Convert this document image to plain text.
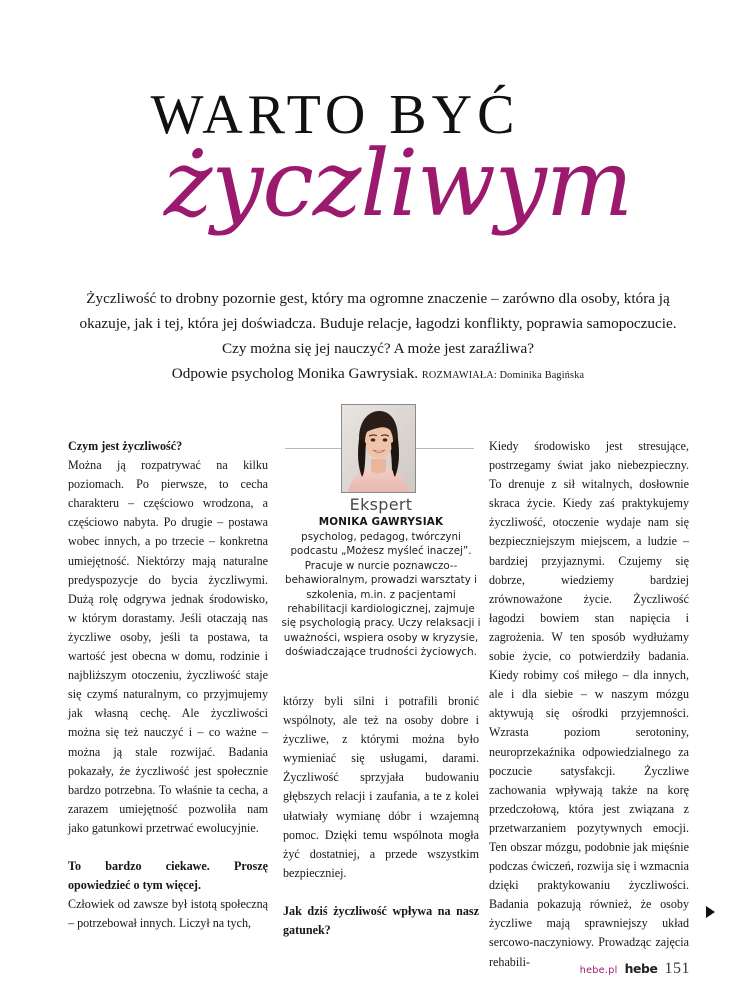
WARTO BYĆ
życzliwym
Życzliwość to drobny pozornie gest, który ma ogromne znaczenie – zarówno dla osoby, która ją okazuje, jak i tej, która jej doświadcza. Buduje relacje, łagodzi konflikty, poprawia samopoczucie. Czy można się jej nauczyć? A może jest zaraźliwa?
Odpowie psycholog Monika Gawrysiak. ROZMAWIAŁA: Dominika Bagińska
Ekspert
MONIKA GAWRYSIAK
psycholog, pedagog, twórczyni podcastu „Możesz myśleć inaczej”. Pracuje w nurcie poznawczo--behawioralnym, prowadzi warsztaty i szkolenia, m.in. z pacjentami rehabilitacji kardiologicznej, zajmuje się psychologią pracy. Uczy relaksacji i uważności, wspiera osoby w kryzysie, doświadczające trudności życiowych.

Czym jest życzliwość?

Można ją rozpatrywać na kilku poziomach. Po pierwsze, to cecha charakteru – częściowo wrodzona, a częściowo nabyta. Po drugie – postawa wobec innych, a po trzecie – konkretna umiejętność. Niektórzy mają naturalne predyspozycje do bycia życzliwymi. Dużą rolę odgrywa jednak środowisko, w którym dorastamy. Jeśli otaczają nas życzliwe osoby, jeśli ta postawa, ta wartość jest obecna w domu, rodzinie i najbliższym otoczeniu, życzliwość staje się czymś naturalnym, co przyjmujemy jak własną cechę. Ale życzliwości można się też nauczyć i – co ważne – można ją stale rozwijać. Badania pokazały, że życzliwość jest społecznie bardzo potrzebna. To właśnie ta cecha, a zarazem umiejętność pozwoliła nam jako gatunkowi przetrwać ewolucyjnie.

To bardzo ciekawe. Proszę opowiedzieć o tym więcej.

Człowiek od zawsze był istotą społeczną – potrzebował innych. Liczył na tych,

którzy byli silni i potrafili bronić wspólnoty, ale też na osoby dobre i życzliwe, z którymi można było wymieniać się usługami, darami. Życzliwość sprzyjała budowaniu głębszych relacji i zaufania, a te z kolei ułatwiały wymianę dóbr i wzajemną pomoc. Dzięki temu wspólnota mogła żyć dostatniej, a przede wszystkim bezpieczniej.

Jak dziś życzliwość wpływa na nasz gatunek?

Kiedy środowisko jest stresujące, postrzegamy świat jako niebezpieczny. To drenuje z sił witalnych, dosłownie skraca życie. Kiedy zaś praktykujemy życzliwość, otoczenie wydaje nam się bezpieczniejszym miejscem, a ludzie – bardziej przyjaznymi. Czujemy się dobrze, wiedziemy bardziej zrównoważone życie. Życzliwość łagodzi bowiem stan napięcia i zagrożenia. W ten sposób wydłużamy sobie życie, co potwierdziły badania. Kiedy robimy coś miłego – dla innych, ale i dla siebie – w naszym mózgu aktywują się ośrodki przyjemności. Wzrasta poziom serotoniny, neuroprzekaźnika odpowiedzialnego za poczucie satysfakcji. Życzliwe zachowania wpływają także na korę przedczołową, która jest związana z przetwarzaniem pozytywnych emocji. Ten obszar mózgu, podobnie jak mięśnie podczas ćwiczeń, rozwija się i wzmacnia dzięki praktykowaniu życzliwości. Badania pokazują również, że osoby życzliwe mają sprawniejszy układ sercowo-naczyniowy. Prowadząc zajęcia rehabili-

hebe.pl hebe 151
